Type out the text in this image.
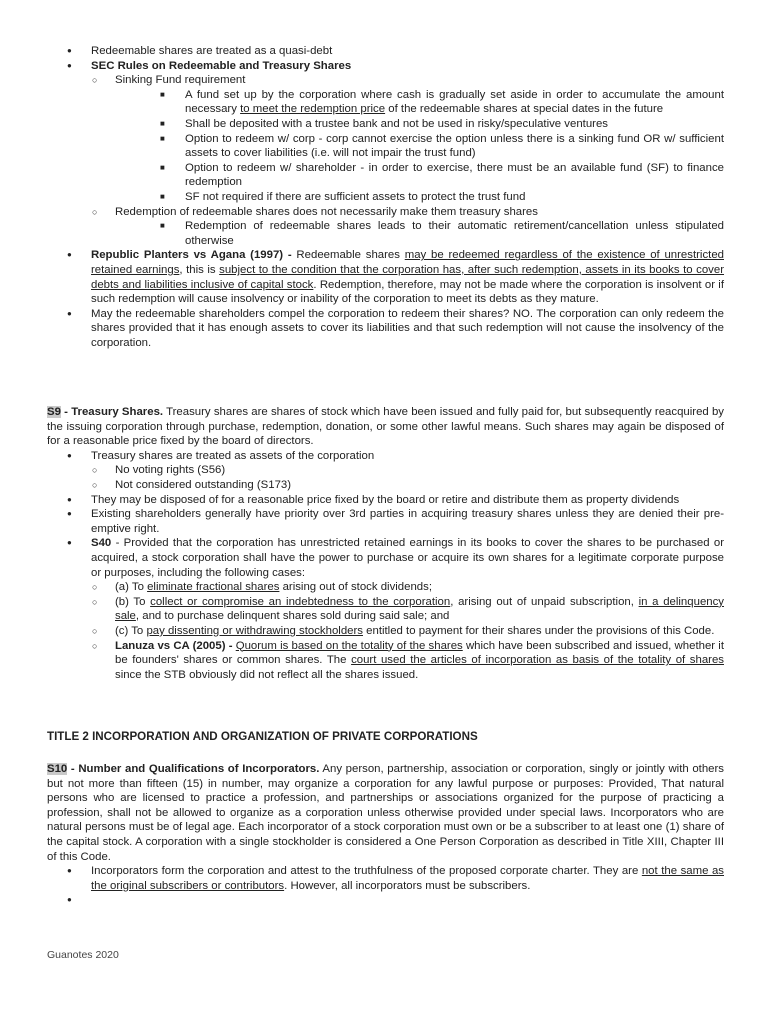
● Redeemable shares are treated as a quasi-debt
● SEC Rules on Redeemable and Treasury Shares
○ Sinking Fund requirement
■ A fund set up by the corporation where cash is gradually set aside in order to accumulate the amount necessary to meet the redemption price of the redeemable shares at special dates in the future
■ Shall be deposited with a trustee bank and not be used in risky/speculative ventures
■ Option to redeem w/ corp - corp cannot exercise the option unless there is a sinking fund OR w/ sufficient assets to cover liabilities (i.e. will not impair the trust fund)
■ Option to redeem w/ shareholder - in order to exercise, there must be an available fund (SF) to finance redemption
■ SF not required if there are sufficient assets to protect the trust fund
○ Redemption of redeemable shares does not necessarily make them treasury shares
■ Redemption of redeemable shares leads to their automatic retirement/cancellation unless stipulated otherwise
● Republic Planters vs Agana (1997) - Redeemable shares may be redeemed regardless of the existence of unrestricted retained earnings, this is subject to the condition that the corporation has, after such redemption, assets in its books to cover debts and liabilities inclusive of capital stock. Redemption, therefore, may not be made where the corporation is insolvent or if such redemption will cause insolvency or inability of the corporation to meet its debts as they mature.
● May the redeemable shareholders compel the corporation to redeem their shares? NO. The corporation can only redeem the shares provided that it has enough assets to cover its liabilities and that such redemption will not cause the insolvency of the corporation.

S9 - Treasury Shares. Treasury shares are shares of stock which have been issued and fully paid for, but subsequently reacquired by the issuing corporation through purchase, redemption, donation, or some other lawful means. Such shares may again be disposed of for a reasonable price fixed by the board of directors.

● Treasury shares are treated as assets of the corporation
○ No voting rights (S56)
○ Not considered outstanding (S173)
● They may be disposed of for a reasonable price fixed by the board or retire and distribute them as property dividends
● Existing shareholders generally have priority over 3rd parties in acquiring treasury shares unless they are denied their pre-emptive right.
● S40 - Provided that the corporation has unrestricted retained earnings in its books to cover the shares to be purchased or acquired, a stock corporation shall have the power to purchase or acquire its own shares for a legitimate corporate purpose or purposes, including the following cases:
○ (a) To eliminate fractional shares arising out of stock dividends;
○ (b) To collect or compromise an indebtedness to the corporation, arising out of unpaid subscription, in a delinquency sale, and to purchase delinquent shares sold during said sale; and
○ (c) To pay dissenting or withdrawing stockholders entitled to payment for their shares under the provisions of this Code.
○ Lanuza vs CA (2005) - Quorum is based on the totality of the shares which have been subscribed and issued, whether it be founders' shares or common shares. The court used the articles of incorporation as basis of the totality of shares since the STB obviously did not reflect all the shares issued.
TITLE 2 INCORPORATION AND ORGANIZATION OF PRIVATE CORPORATIONS

S10 - Number and Qualifications of Incorporators. Any person, partnership, association or corporation, singly or jointly with others but not more than fifteen (15) in number, may organize a corporation for any lawful purpose or purposes: Provided, That natural persons who are licensed to practice a profession, and partnerships or associations organized for the purpose of practicing a profession, shall not be allowed to organize as a corporation unless otherwise provided under special laws. Incorporators who are natural persons must be of legal age. Each incorporator of a stock corporation must own or be a subscriber to at least one (1) share of the capital stock. A corporation with a single stockholder is considered a One Person Corporation as described in Title XIII, Chapter III of this Code.

● Incorporators form the corporation and attest to the truthfulness of the proposed corporate charter. They are not the same as the original subscribers or contributors. However, all incorporators must be subscribers.
●
Guanotes 2020
